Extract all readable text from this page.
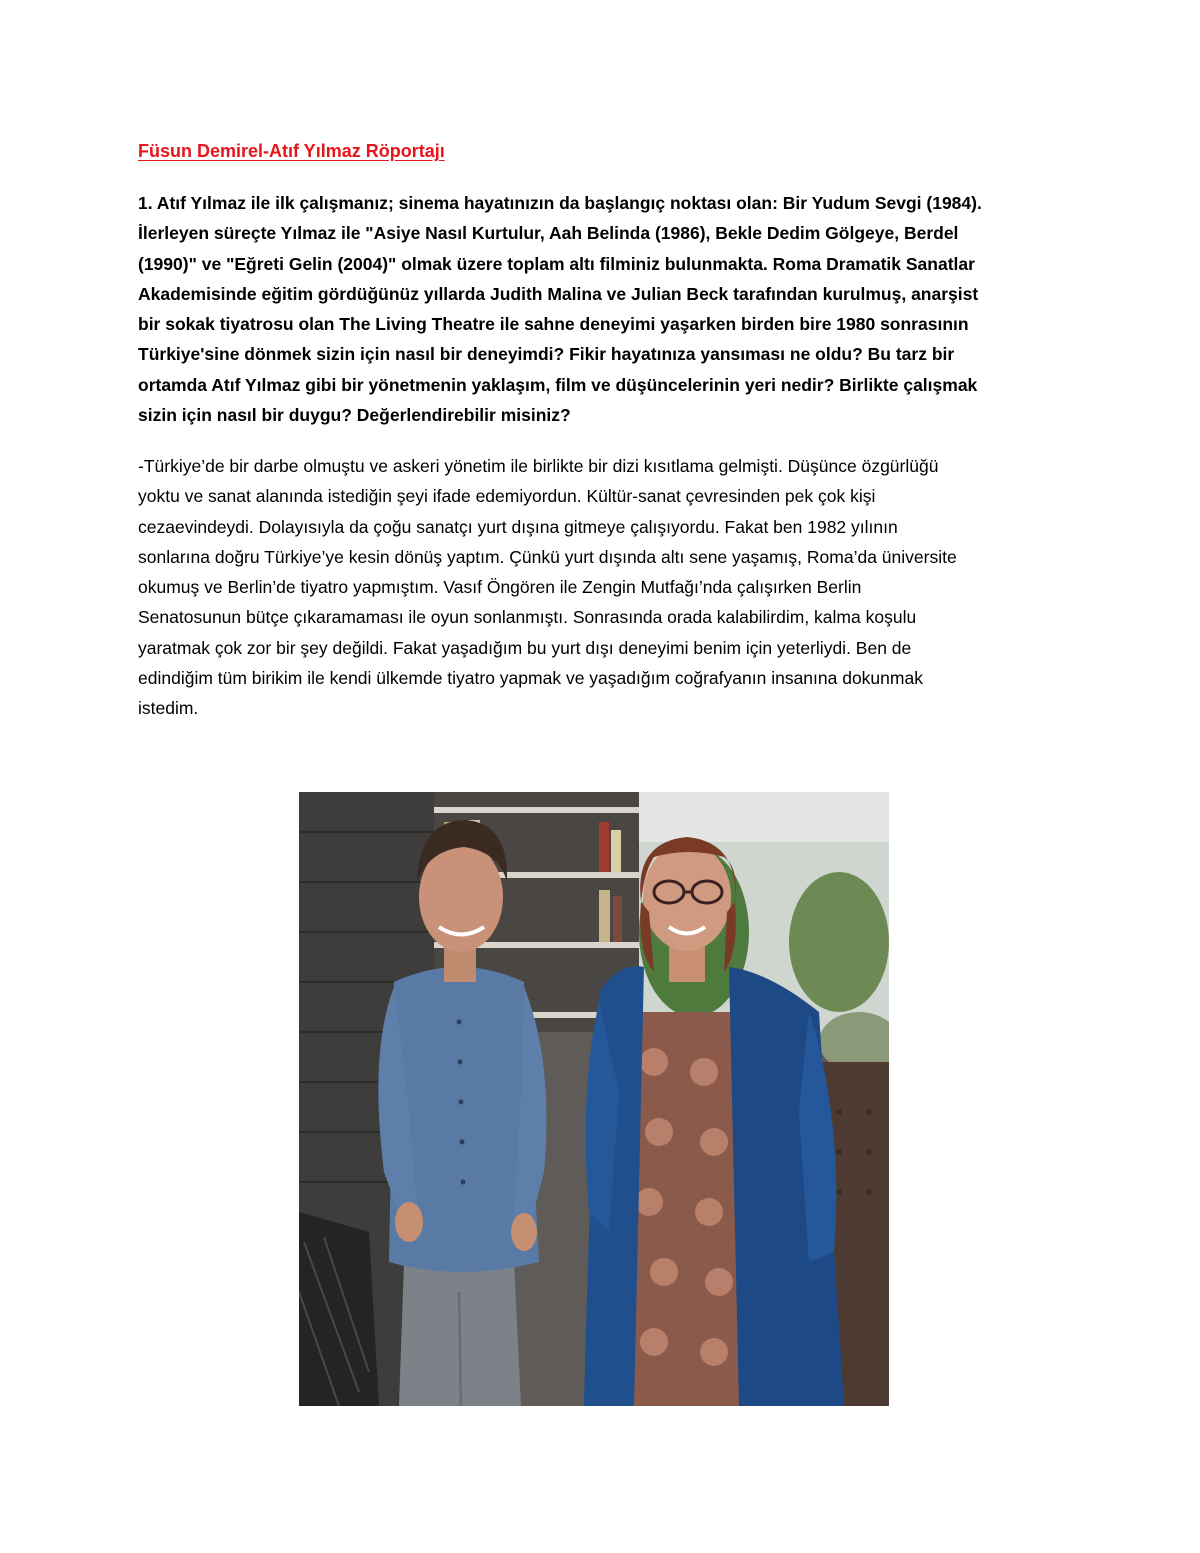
Füsun Demirel-Atıf Yılmaz Röportajı
1. Atıf Yılmaz ile ilk çalışmanız; sinema hayatınızın da başlangıç noktası olan: Bir Yudum Sevgi (1984).
İlerleyen süreçte Yılmaz ile "Asiye Nasıl Kurtulur, Aah Belinda (1986), Bekle Dedim Gölgeye, Berdel
(1990)" ve "Eğreti Gelin (2004)" olmak üzere toplam altı filminiz bulunmakta. Roma Dramatik Sanatlar
Akademisinde eğitim gördüğünüz yıllarda Judith Malina ve Julian Beck tarafından kurulmuş, anarşist
bir sokak tiyatrosu olan The Living Theatre ile sahne deneyimi yaşarken birden bire 1980 sonrasının
Türkiye'sine dönmek sizin için nasıl bir deneyimdi? Fikir hayatınıza yansıması ne oldu? Bu tarz bir
ortamda Atıf Yılmaz gibi bir yönetmenin yaklaşım, film ve düşüncelerinin yeri nedir? Birlikte çalışmak
sizin için nasıl bir duygu? Değerlendirebilir misiniz?
-Türkiye’de bir darbe olmuştu ve askeri yönetim ile birlikte bir dizi kısıtlama gelmişti. Düşünce özgürlüğü
yoktu ve sanat alanında istediğin şeyi ifade edemiyordun. Kültür-sanat çevresinden pek çok kişi
cezaevindeydi. Dolayısıyla da çoğu sanatçı yurt dışına gitmeye çalışıyordu. Fakat ben 1982 yılının
sonlarına doğru Türkiye’ye kesin dönüş yaptım. Çünkü yurt dışında altı sene yaşamış, Roma’da üniversite
okumuş ve Berlin’de tiyatro yapmıştım. Vasıf Öngören ile Zengin Mutfağı’nda çalışırken Berlin
Senatosunun bütçe çıkaramaması ile oyun sonlanmıştı. Sonrasında orada kalabilirdim, kalma koşulu
yaratmak çok zor bir şey değildi. Fakat yaşadığım bu yurt dışı deneyimi benim için yeterliydi. Ben de
edindiğim tüm birikim ile kendi ülkemde tiyatro yapmak ve yaşadığım coğrafyanın insanına dokunmak
istedim.
